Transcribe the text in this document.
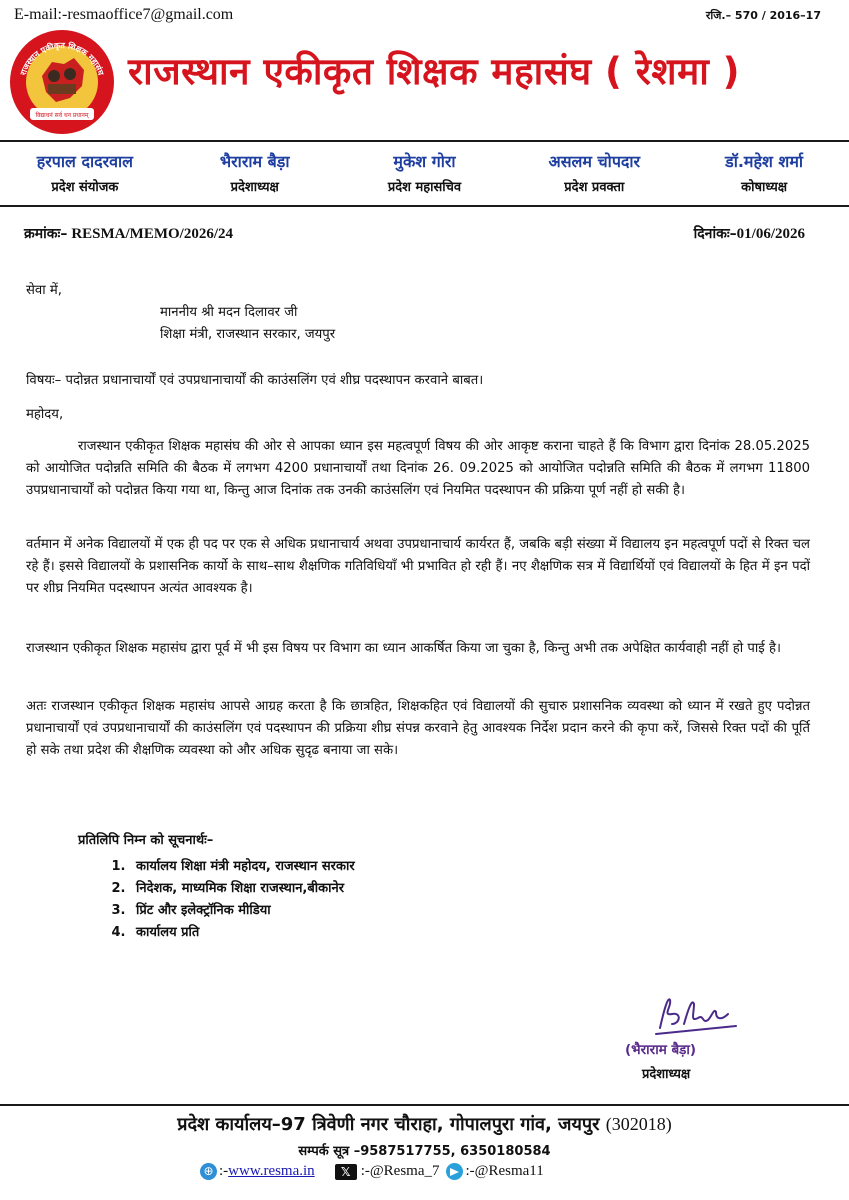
E-mail:-resmaoffice7@gmail.com	रजि.– 570 / 2016–17
राजस्थान एकीकृत शिक्षक महासंघ
विद्याधनं सर्व धन प्रधानम्
राजस्थान एकीकृत शिक्षक महासंघ ( रेशमा )
हरपाल दादरवाल
प्रदेश संयोजक
भैराराम बैड़ा
प्रदेशाध्यक्ष
मुकेश गोरा
प्रदेश महासचिव
असलम चोपदार
प्रदेश प्रवक्ता
डॉ.महेश शर्मा
कोषाध्यक्ष
क्रमांकः– RESMA/MEMO/2026/24	दिनांकः–01/06/2026
सेवा में,
माननीय श्री मदन दिलावर जी
शिक्षा मंत्री, राजस्थान सरकार, जयपुर
विषयः– पदोन्नत प्रधानाचार्यों एवं उपप्रधानाचार्यों की काउंसलिंग एवं शीघ्र पदस्थापन करवाने बाबत।
महोदय,
राजस्थान एकीकृत शिक्षक महासंघ की ओर से आपका ध्यान इस महत्वपूर्ण विषय की ओर आकृष्ट कराना चाहते हैं कि विभाग द्वारा दिनांक 28.05.2025 को आयोजित पदोन्नति समिति की बैठक में लगभग 4200 प्रधानाचार्यों तथा दिनांक 26. 09.2025 को आयोजित पदोन्नति समिति की बैठक में लगभग 11800 उपप्रधानाचार्यों को पदोन्नत किया गया था, किन्तु आज दिनांक तक उनकी काउंसलिंग एवं नियमित पदस्थापन की प्रक्रिया पूर्ण नहीं हो सकी है।
वर्तमान में अनेक विद्यालयों में एक ही पद पर एक से अधिक प्रधानाचार्य अथवा उपप्रधानाचार्य कार्यरत हैं, जबकि बड़ी संख्या में विद्यालय इन महत्वपूर्ण पदों से रिक्त चल रहे हैं। इससे विद्यालयों के प्रशासनिक कार्यो के साथ–साथ शैक्षणिक गतिविधियाँ भी प्रभावित हो रही हैं। नए शैक्षणिक सत्र में विद्यार्थियों एवं विद्यालयों के हित में इन पदों पर शीघ्र नियमित पदस्थापन अत्यंत आवश्यक है।
राजस्थान एकीकृत शिक्षक महासंघ द्वारा पूर्व में भी इस विषय पर विभाग का ध्यान आकर्षित किया जा चुका है, किन्तु अभी तक अपेक्षित कार्यवाही नहीं हो पाई है।
अतः राजस्थान एकीकृत शिक्षक महासंघ आपसे आग्रह करता है कि छात्रहित, शिक्षकहित एवं विद्यालयों की सुचारु प्रशासनिक व्यवस्था को ध्यान में रखते हुए पदोन्नत प्रधानाचार्यों एवं उपप्रधानाचार्यों की काउंसलिंग एवं पदस्थापन की प्रक्रिया शीघ्र संपन्न करवाने हेतु आवश्यक निर्देश प्रदान करने की कृपा करें, जिससे रिक्त पदों की पूर्ति हो सके तथा प्रदेश की शैक्षणिक व्यवस्था को और अधिक सुदृढ बनाया जा सके।
प्रतिलिपि निम्न को सूचनार्थः–
1. कार्यालय शिक्षा मंत्री महोदय, राजस्थान सरकार
2. निदेशक, माध्यमिक शिक्षा राजस्थान,बीकानेर
3. प्रिंट और इलेक्ट्रॉनिक मीडिया
4. कार्यालय प्रति
(भैराराम बैड़ा)
प्रदेशाध्यक्ष
प्रदेश कार्यालय–97 त्रिवेणी नगर चौराहा, गोपालपुरा गांव, जयपुर (302018)
सम्पर्क सूत्र –9587517755, 6350180584
⊕ :- www.resma.in	𝕏 :-@Resma_7 :-@Resma11
